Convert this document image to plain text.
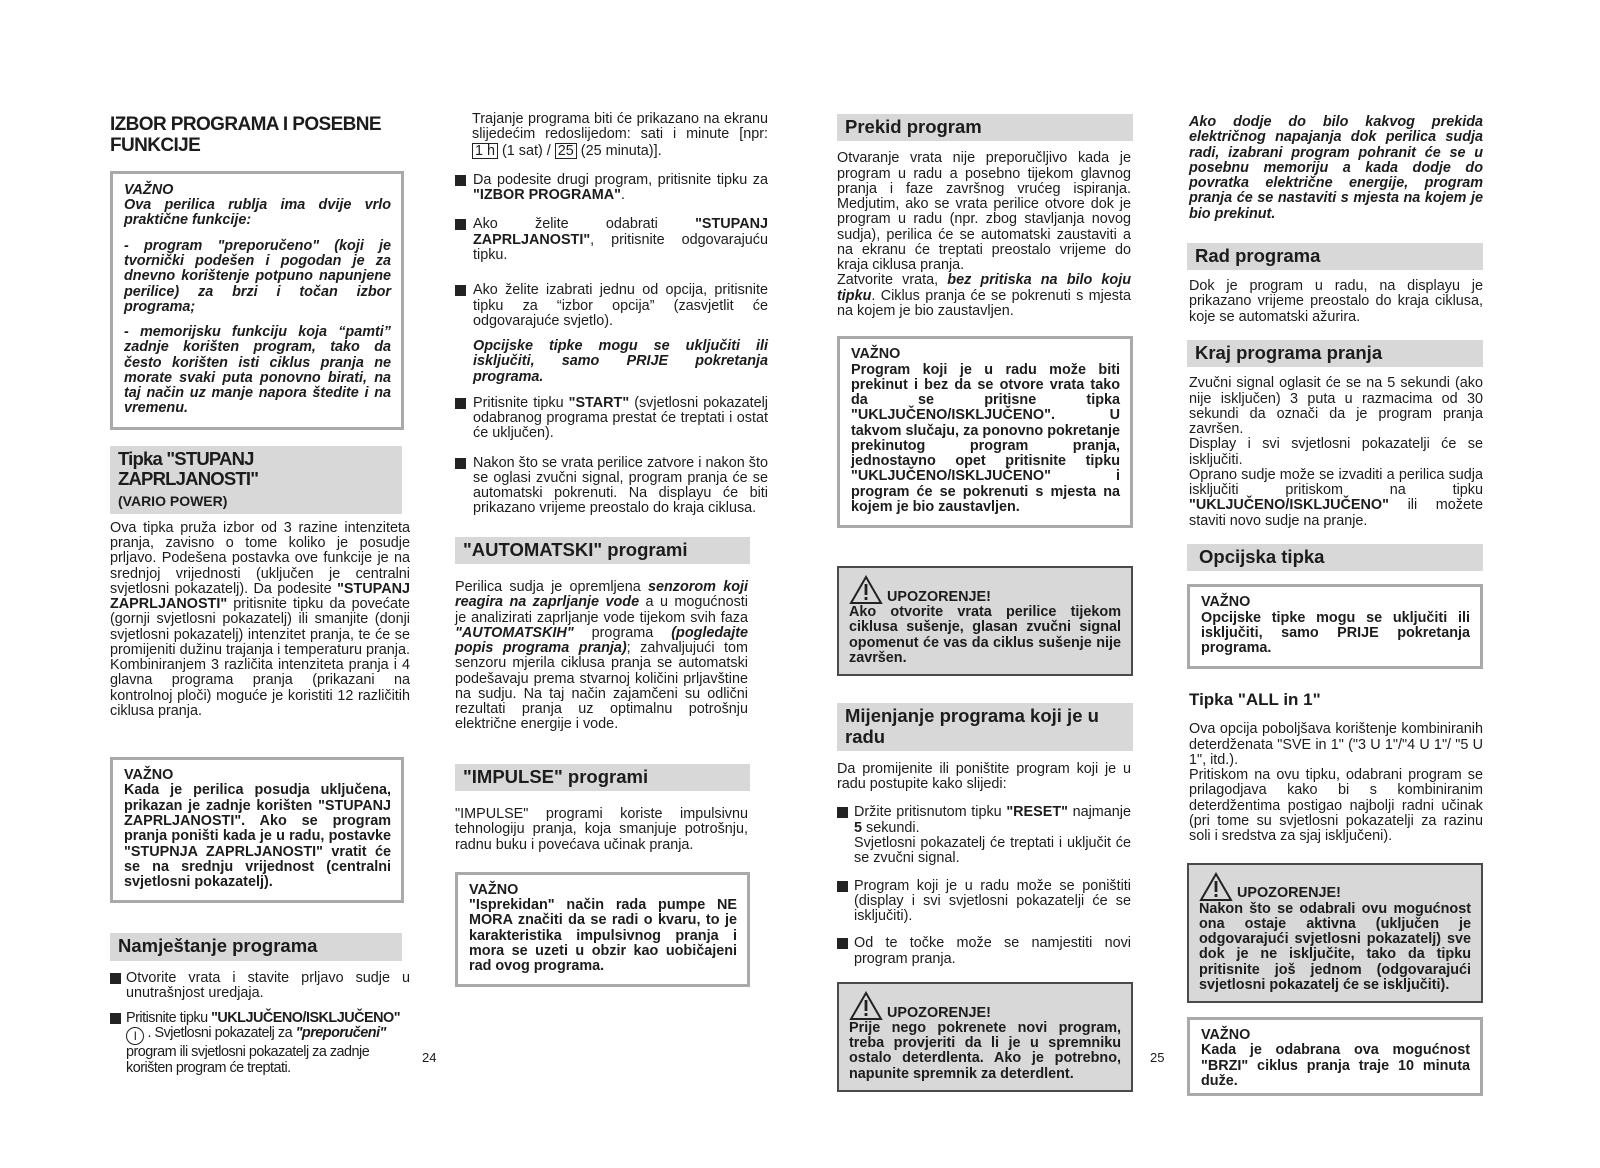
IZBOR PROGRAMA I POSEBNE FUNKCIJE
VAŽNO

Ova perilica rublja ima dvije vrlo praktične funkcije:

- program "preporučeno" (koji je tvornički podešen i pogodan je za dnevno korištenje potpuno napunjene perilice) za brzi i točan izbor programa;

- memorijsku funkciju koja “pamti” zadnje korišten program, tako da često korišten isti ciklus pranja ne morate svaki puta ponovno birati, na taj način uz manje napora štedite i na vremenu.

Tipka "STUPANJ ZAPRLJANOSTI"
(VARIO POWER)

Ova tipka pruža izbor od 3 razine intenziteta pranja, zavisno o tome koliko je posudje prljavo. Podešena postavka ove funkcije je na srednjoj vrijednosti (uključen je centralni svjetlosni pokazatelj). Da podesite "STUPANJ ZAPRLJANOSTI" pritisnite tipku da povećate (gornji svjetlosni pokazatelj) ili smanjite (donji svjetlosni pokazatelj) intenzitet pranja, te će se promijeniti dužinu trajanja i temperaturu pranja.

Kombiniranjem 3 različita intenziteta pranja i 4 glavna programa pranja (prikazani na kontrolnoj ploči) moguće je koristiti 12 različitih ciklusa pranja.

VAŽNO

Kada je perilica posudja uključena, prikazan je zadnje korišten "STUPANJ ZAPRLJANOSTI". Ako se program pranja poništi kada je u radu, postavke "STUPNJA ZAPRLJANOSTI" vratit će se na srednju vrijednost (centralni svjetlosni pokazatelj).

Namještanje programa
Otvorite vrata i stavite prljavo sudje u unutrašnjost uredjaja.
Pritisnite tipku "UKLJUČENO/ISKLJUČENO" I . Svjetlosni pokazatelj za "preporučeni" program ili svjetlosni pokazatelj za zadnje korišten program će treptati.
24

Trajanje programa biti će prikazano na ekranu slijedećim redoslijedom: sati i minute [npr: 1 h (1 sat) / 25 (25 minuta)].

Da podesite drugi program, pritisnite tipku za "IZBOR PROGRAMA".
Ako želite odabrati "STUPANJ ZAPRLJANOSTI", pritisnite odgovarajuću tipku.
Ako želite izabrati jednu od opcija, pritisnite tipku za “izbor opcija” (zasvjetlit će odgovarajuće svjetlo).

Opcijske tipke mogu se uključiti ili isključiti, samo PRIJE pokretanja programa.

Pritisnite tipku "START" (svjetlosni pokazatelj odabranog programa prestat će treptati i ostat će uključen).
Nakon što se vrata perilice zatvore i nakon što se oglasi zvučni signal, program pranja će se automatski pokrenuti. Na displayu će biti prikazano vrijeme preostalo do kraja ciklusa.
"AUTOMATSKI" programi

Perilica sudja je opremljena senzorom koji reagira na zaprljanje vode a u mogućnosti je analizirati zaprljanje vode tijekom svih faza "AUTOMATSKIH" programa (pogledajte popis programa pranja); zahvaljujući tom senzoru mjerila ciklusa pranja se automatski podešavaju prema stvarnoj količini prljavštine na sudju. Na taj način zajamčeni su odlični rezultati pranja uz optimalnu potrošnju električne energije i vode.

"IMPULSE" programi

"IMPULSE" programi koriste impulsivnu tehnologiju pranja, koja smanjuje potrošnju, radnu buku i povećava učinak pranja.

VAŽNO

"Isprekidan" način rada pumpe NE MORA značiti da se radi o kvaru, to je karakteristika impulsivnog pranja i mora se uzeti u obzir kao uobičajeni rad ovog programa.

Prekid program

Otvaranje vrata nije preporučljivo kada je program u radu a posebno tijekom glavnog pranja i faze završnog vrućeg ispiranja. Medjutim, ako se vrata perilice otvore dok je program u radu (npr. zbog stavljanja novog sudja), perilica će se automatski zaustaviti a na ekranu će treptati preostalo vrijeme do kraja ciklusa pranja.
Zatvorite vrata, bez pritiska na bilo koju tipku. Ciklus pranja će se pokrenuti s mjesta na kojem je bio zaustavljen.

VAŽNO

Program koji je u radu može biti prekinut i bez da se otvore vrata tako da se pritisne tipka "UKLJUČENO/ISKLJUČENO". U takvom slučaju, za ponovno pokretanje prekinutog program pranja, jednostavno opet pritisnite tipku "UKLJUČENO/ISKLJUČENO" i program će se pokrenuti s mjesta na kojem je bio zaustavljen.

UPOZORENJE!

Ako otvorite vrata perilice tijekom ciklusa sušenje, glasan zvučni signal opomenut će vas da ciklus sušenje nije završen.

Mijenjanje programa koji je u radu

Da promijenite ili poništite program koji je u radu postupite kako slijedi:

Držite pritisnutom tipku "RESET" najmanje 5 sekundi.
Svjetlosni pokazatelj će treptati i uključit će se zvučni signal.
Program koji je u radu može se poništiti (display i svi svjetlosni pokazatelji će se isključiti).
Od te točke može se namjestiti novi program pranja.
UPOZORENJE!

Prije nego pokrenete novi program, treba provjeriti da li je u spremniku ostalo deterdlenta. Ako je potrebno, napunite spremnik za deterdlent.

Ako dodje do bilo kakvog prekida električnog napajanja dok perilica sudja radi, izabrani program pohranit će se u posebnu memoriju a kada dodje do povratka električne energije, program pranja će se nastaviti s mjesta na kojem je bio prekinut.

Rad programa

Dok je program u radu, na displayu je prikazano vrijeme preostalo do kraja ciklusa, koje se automatski ažurira.

Kraj programa pranja

Zvučni signal oglasit će se na 5 sekundi (ako nije isključen) 3 puta u razmacima od 30 sekundi da označi da je program pranja završen.

Display i svi svjetlosni pokazatelji će se isključiti.

Oprano sudje može se izvaditi a perilica sudja isključiti pritiskom na tipku "UKLJUČENO/ISKLJUČENO" ili možete staviti novo sudje na pranje.

Opcijska tipka
VAŽNO

Opcijske tipke mogu se uključiti ili isključiti, samo PRIJE pokretanja programa.

Tipka "ALL in 1"

Ova opcija poboljšava korištenje kombiniranih deterdženata "SVE in 1" ("3 U 1"/"4 U 1"/ "5 U 1", itd.).

Pritiskom na ovu tipku, odabrani program se prilagodjava kako bi s kombiniranim deterdžentima postigao najbolji radni učinak (pri tome su svjetlosni pokazatelji za razinu soli i sredstva za sjaj isključeni).

UPOZORENJE!

Nakon što se odabrali ovu mogućnost ona ostaje aktivna (uključen je odgovarajući svjetlosni pokazatelj) sve dok je ne isključite, tako da tipku pritisnite još jednom (odgovarajući svjetlosni pokazatelj će se isključiti).

VAŽNO

Kada je odabrana ova mogućnost "BRZI" ciklus pranja traje 10 minuta duže.

25
